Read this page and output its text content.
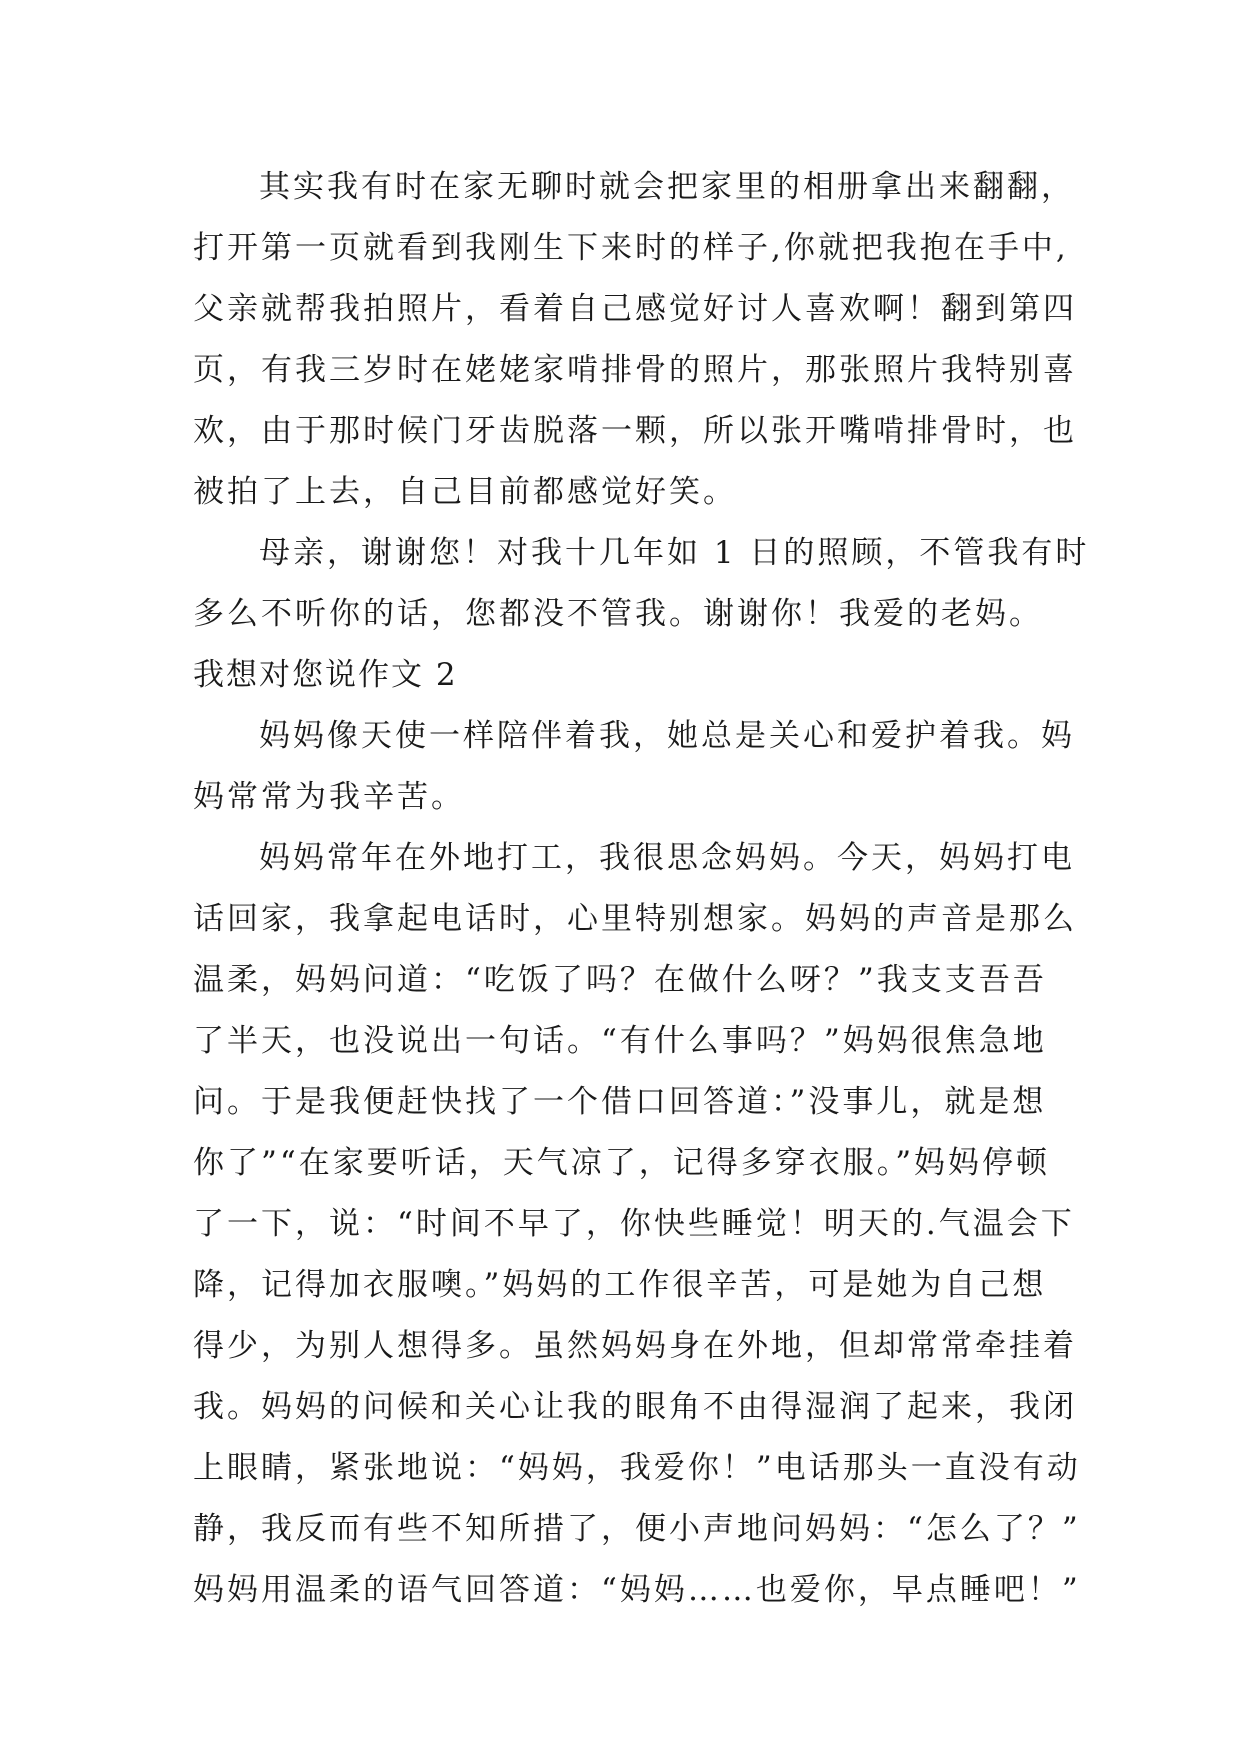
其实我有时在家无聊时就会把家里的相册拿出来翻翻，
打开第一页就看到我刚生下来时的样子,你就把我抱在手中,
父亲就帮我拍照片，看着自己感觉好讨人喜欢啊！翻到第四
页，有我三岁时在姥姥家啃排骨的照片，那张照片我特别喜
欢，由于那时候门牙齿脱落一颗，所以张开嘴啃排骨时，也
被拍了上去，自己目前都感觉好笑。
母亲，谢谢您！对我十几年如 1 日的照顾，不管我有时
多么不听你的话，您都没不管我。谢谢你！我爱的老妈。
我想对您说作文 2
妈妈像天使一样陪伴着我，她总是关心和爱护着我。妈
妈常常为我辛苦。
妈妈常年在外地打工，我很思念妈妈。今天，妈妈打电
话回家，我拿起电话时，心里特别想家。妈妈的声音是那么
温柔，妈妈问道：“吃饭了吗？在做什么呀？”我支支吾吾
了半天，也没说出一句话。“有什么事吗？”妈妈很焦急地
问。于是我便赶快找了一个借口回答道：”没事儿，就是想
你了”“在家要听话，天气凉了，记得多穿衣服。”妈妈停顿
了一下，说：“时间不早了，你快些睡觉！明天的.气温会下
降，记得加衣服噢。”妈妈的工作很辛苦，可是她为自己想
得少，为别人想得多。虽然妈妈身在外地，但却常常牵挂着
我。妈妈的问候和关心让我的眼角不由得湿润了起来，我闭
上眼睛，紧张地说：“妈妈，我爱你！”电话那头一直没有动
静，我反而有些不知所措了，便小声地问妈妈：“怎么了？”
妈妈用温柔的语气回答道：“妈妈……也爱你，早点睡吧！”
